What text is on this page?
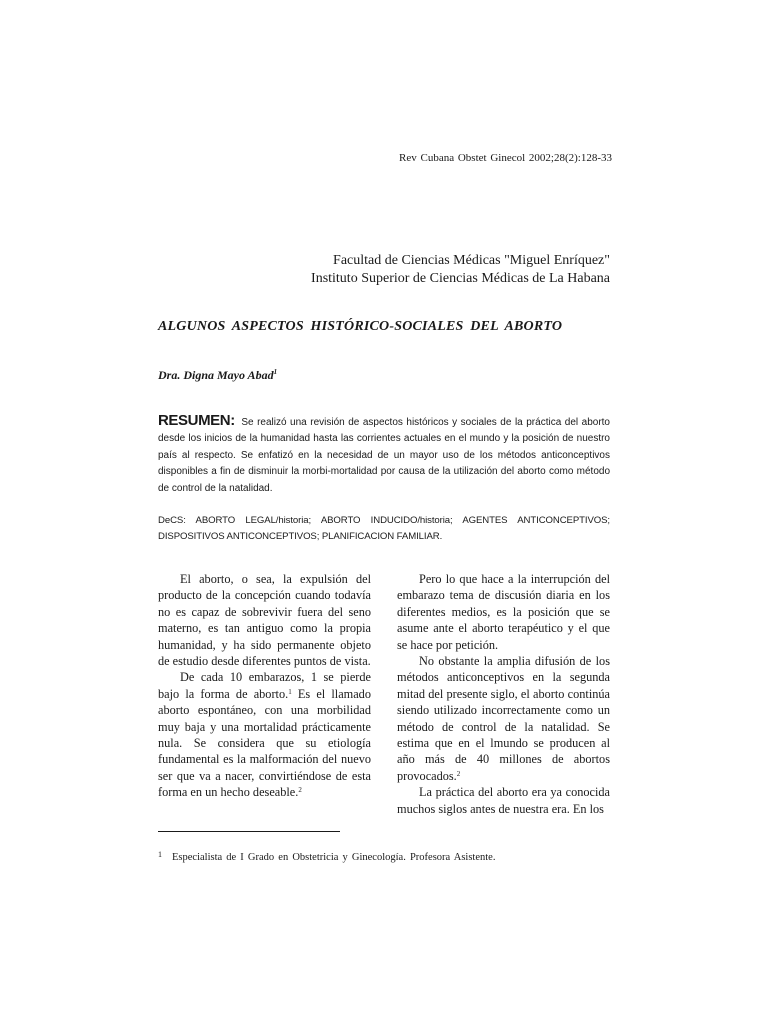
Rev Cubana Obstet Ginecol 2002;28(2):128-33
Facultad de Ciencias Médicas "Miguel Enríquez"
Instituto Superior de Ciencias Médicas de La Habana
ALGUNOS ASPECTOS HISTÓRICO-SOCIALES DEL ABORTO
Dra. Digna Mayo Abad$^1$
RESUMEN: Se realizó una revisión de aspectos históricos y sociales de la práctica del aborto desde los inicios de la humanidad hasta las corrientes actuales en el mundo y la posición de nuestro país al respecto. Se enfatizó en la necesidad de un mayor uso de los métodos anticonceptivos disponibles a fin de disminuir la morbi-mortalidad por causa de la utilización del aborto como método de control de la natalidad.
DeCS: ABORTO LEGAL/historia; ABORTO INDUCIDO/historia; AGENTES ANTICONCEPTIVOS; DISPOSITIVOS ANTICONCEPTIVOS; PLANIFICACION FAMILIAR.

El aborto, o sea, la expulsión del producto de la concepción cuando todavía no es capaz de sobrevivir fuera del seno materno, es tan antiguo como la propia humanidad, y ha sido permanente objeto de estudio desde diferentes puntos de vista.

De cada 10 embarazos, 1 se pierde bajo la forma de aborto.$^1$ Es el llamado aborto espontáneo, con una morbilidad muy baja y una mortalidad prácticamente nula. Se considera que su etiología fundamental es la malformación del nuevo ser que va a nacer, convirtiéndose de esta forma en un hecho deseable.$^2$

Pero lo que hace a la interrupción del embarazo tema de discusión diaria en los diferentes medios, es la posición que se asume ante el aborto terapéutico y el que se hace por petición.

No obstante la amplia difusión de los métodos anticonceptivos en la segunda mitad del presente siglo, el aborto continúa siendo utilizado incorrectamente como un método de control de la natalidad. Se estima que en el lmundo se producen al año más de 40 millones de abortos provocados.$^2$

La práctica del aborto era ya conocida muchos siglos antes de nuestra era. En los

1 Especialista de I Grado en Obstetricia y Ginecología. Profesora Asistente.
